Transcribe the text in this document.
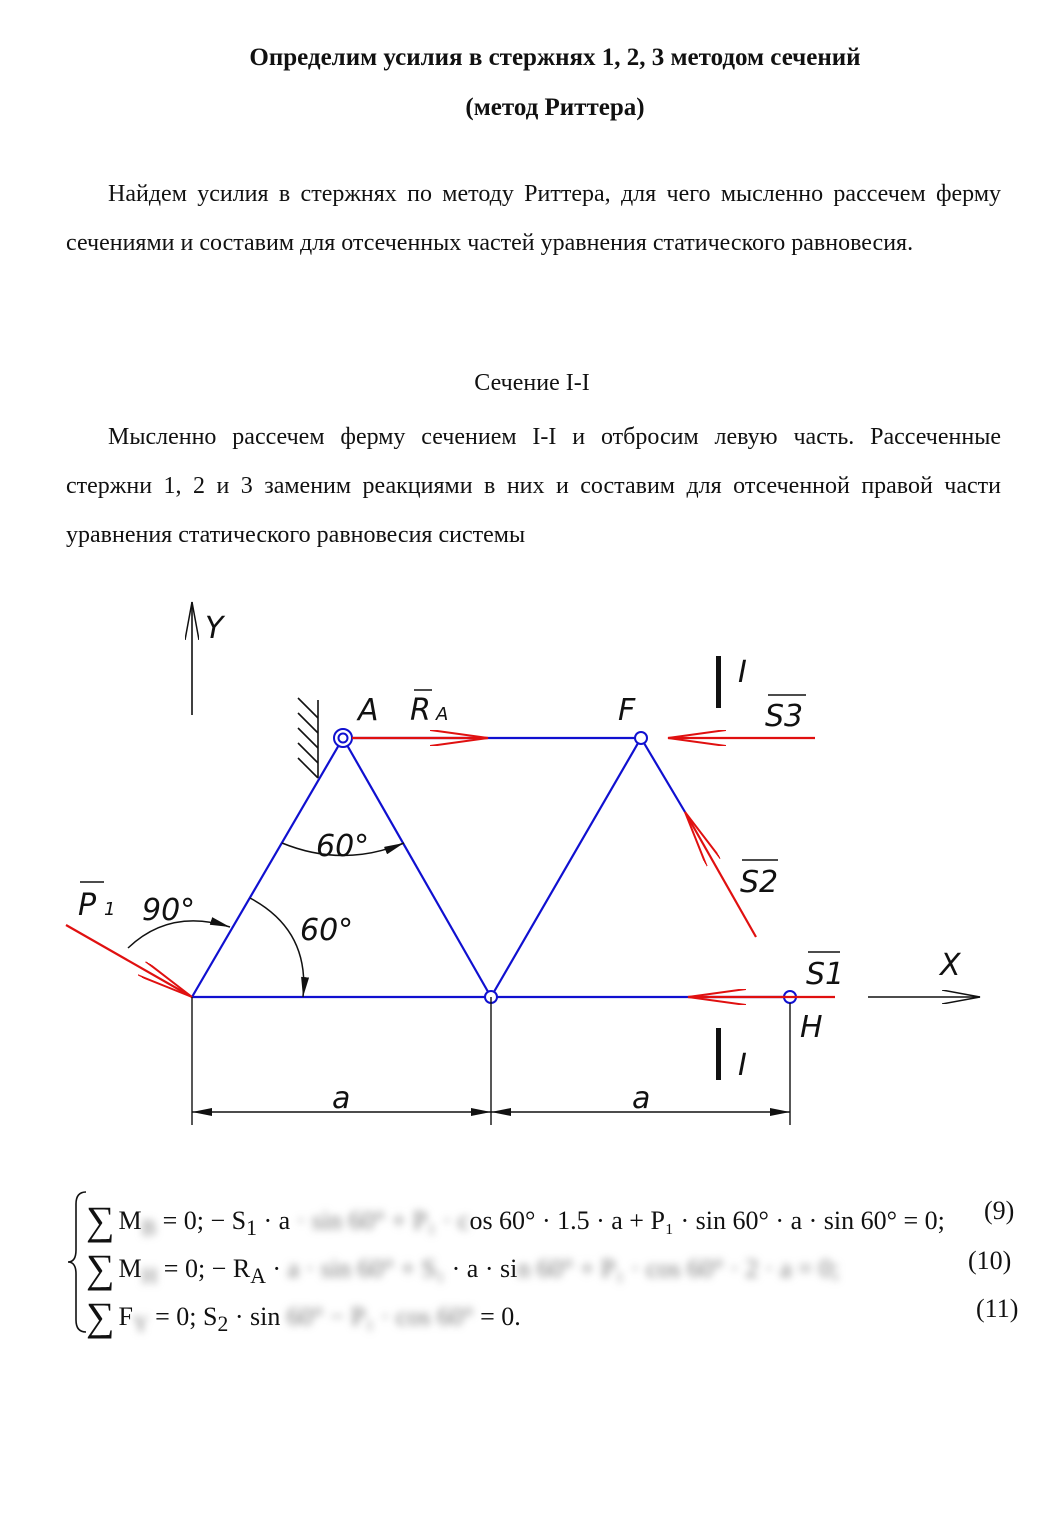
Определим усилия в стержнях 1, 2, 3 методом сечений
(метод Риттера)

Найдем усилия в стержнях по методу Риттера, для чего мысленно рассечем ферму сечениями и составим для отсеченных частей уравнения статического равновесия.

Сечение I-I

Мысленно рассечем ферму сечением I-I и отбросим левую часть. Рассеченные стержни 1, 2 и 3 заменим реакциями в них и составим для отсеченной правой части уравнения статического равновесия системы

Y
X
I
I
a	a
A	F
H
R A	S3
S2
S1
P 1
60°
60°
90°
∑ $M_B = 0$; − $S_1 \cdot a \cdot \sin 60^\circ + P_1 \cdot \cos 60^\circ \cdot 1.5 \cdot a + P_1 \cdot \sin 60^\circ \cdot a \cdot \sin 60^\circ = 0$; (9)
∑ $M_H = 0$; − $R_A \cdot a \cdot \sin 60^\circ + S_1 \cdot a \cdot \sin 60^\circ + P_1 \cdot \cos 60^\circ \cdot 2 \cdot a = 0$;	(10)
∑ $F_Y = 0$; $S_2 \cdot \sin 60^\circ - P_1 \cdot \cos 60^\circ = 0$.	(11)
